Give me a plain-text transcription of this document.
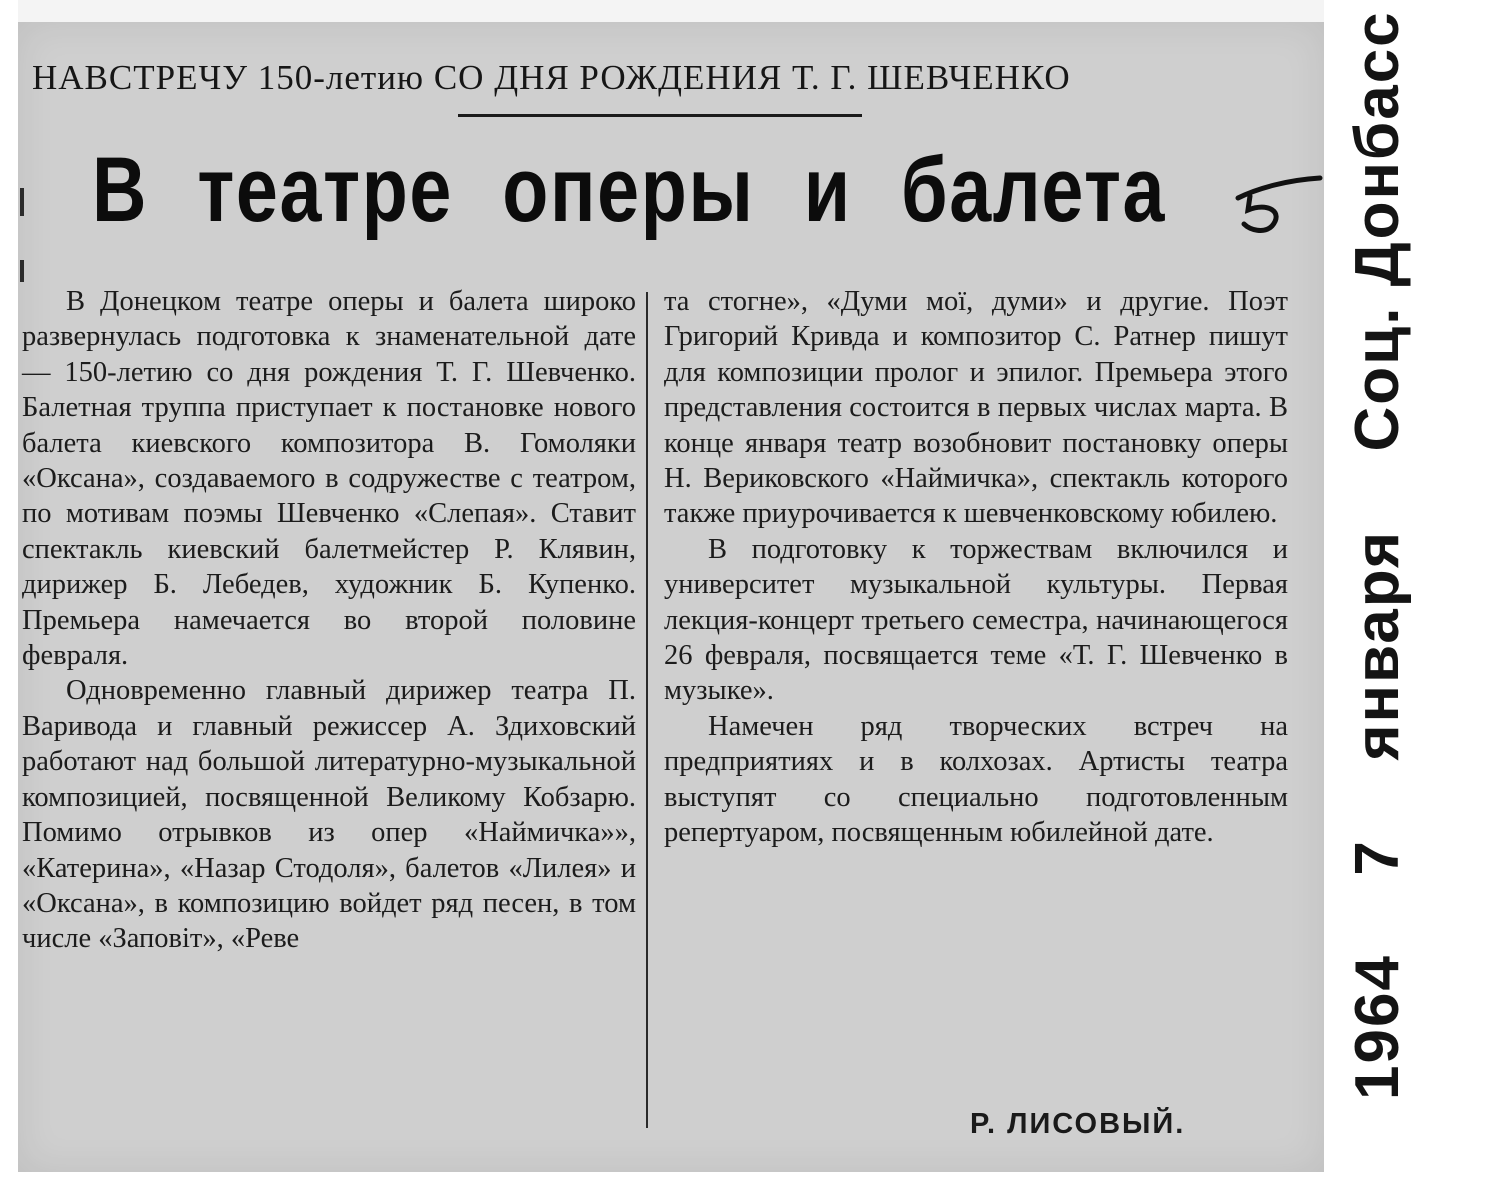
НАВСТРЕЧУ 150-летию СО ДНЯ РОЖДЕНИЯ Т. Г. ШЕВЧЕНКО
В театре оперы и балета

В Донецком театре оперы и балета широко развернулась подготовка к знаменательной дате — 150-летию со дня рождения Т. Г. Шевченко. Балетная труппа приступает к постановке нового балета киевского композитора В. Гомоляки «Оксана», создаваемого в содружестве с театром, по мотивам поэмы Шевченко «Слепая». Ставит спектакль киевский балетмейстер Р. Клявин, дирижер Б. Лебедев, художник Б. Купенко. Премьера намечается во второй половине февраля.

Одновременно главный дирижер театра П. Варивода и главный режиссер А. Здиховский работают над большой литературно-музыкальной композицией, посвященной Великому Кобзарю. Помимо отрывков из опер «Наймичка»», «Катерина», «Назар Стодоля», балетов «Лилея» и «Оксана», в композицию войдет ряд песен, в том числе «Заповіт», «Реве

та стогне», «Думи мої, думи» и другие. Поэт Григорий Кривда и композитор С. Ратнер пишут для композиции пролог и эпилог. Премьера этого представления состоится в первых числах марта. В конце января театр возобновит постановку оперы Н. Вериковского «Наймичка», спектакль которого также приурочивается к шевченковскому юбилею.

В подготовку к торжествам включился и университет музыкальной культуры. Первая лекция-концерт третьего семестра, начинающегося 26 февраля, посвящается теме «Т. Г. Шевченко в музыке».

Намечен ряд творческих встреч на предприятиях и в колхозах. Артисты театра выступят со специально подготовленным репертуаром, посвященным юбилейной дате.

Р. ЛИСОВЫЙ.
1964  7  января  Соц. Донбасс
